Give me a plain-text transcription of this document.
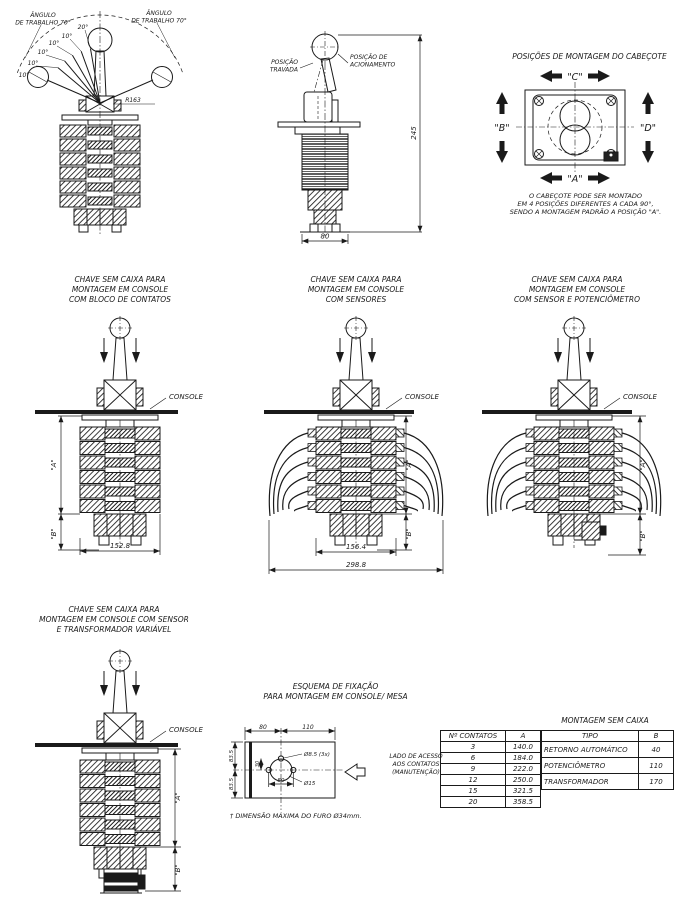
ÂNGULO
DE TRABALHO 70°
ÂNGULO
DE TRABALHO 70°
20°
10°
10°
10°
10°
10°
R163
POSIÇÃO
TRAVADA
POSIÇÃO DE
ACIONAMENTO
245
80
POSIÇÕES DE MONTAGEM DO CABEÇOTE
"C"
"B"	"D"
"A"
O CABEÇOTE PODE SER MONTADO
EM 4 POSIÇÕES DIFERENTES A CADA 90°,
SENDO A MONTAGEM PADRÃO A POSIÇÃO "A".
CHAVE SEM CAIXA PARA
MONTAGEM EM CONSOLE
COM BLOCO DE CONTATOS
CHAVE SEM CAIXA PARA
MONTAGEM EM CONSOLE
COM SENSORES
CHAVE SEM CAIXA PARA
MONTAGEM EM CONSOLE
COM SENSOR E POTENCIÔMETRO
CONSOLE
"A"
"B"
152.8
CONSOLE
"A"
"B"
156.4
298.8
CONSOLE
"A"
"B"
CHAVE SEM CAIXA PARA
MONTAGEM EM CONSOLE COM SENSOR
E TRANSFORMADOR VARIÁVEL
CONSOLE
"A"
"B"
ESQUEMA DE FIXAÇÃO
PARA MONTAGEM EM CONSOLE/ MESA
80	110
83.5
83.5
30
50
Ø8.5 (3x)
Ø15
LADO DE ACESSO
AOS CONTATOS
(MANUTENÇÃO)
† DIMENSÃO MÁXIMA DO FURO Ø34mm.
MONTAGEM SEM CAIXA
Nº CONTATOS	A
3	140.0
6	184.0
9	222.0
12	250.0
15	321.5
20	358.5
TIPO	B
RETORNO AUTOMÁTICO	40
POTENCIÔMETRO	110
TRANSFORMADOR	170
